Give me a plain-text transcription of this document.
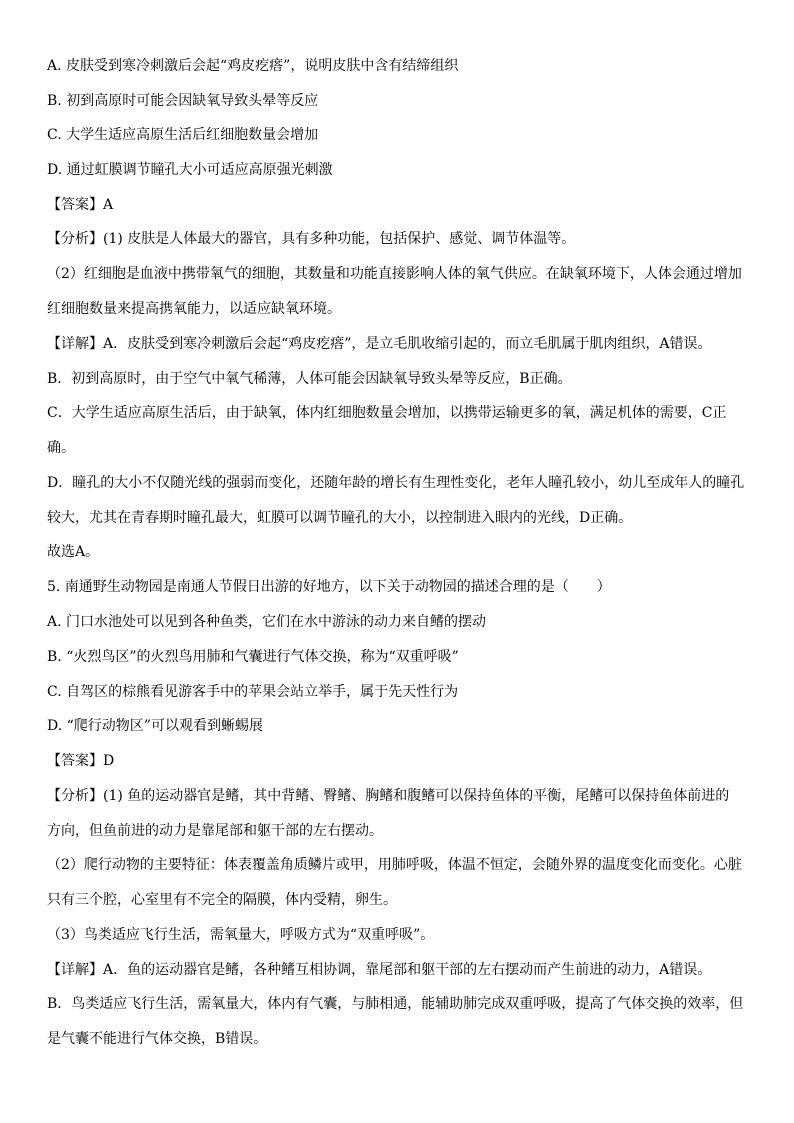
A. 皮肤受到寒冷刺激后会起“鸡皮疙瘩”，说明皮肤中含有结缔组织
B. 初到高原时可能会因缺氧导致头晕等反应
C. 大学生适应高原生活后红细胞数量会增加
D. 通过虹膜调节瞳孔大小可适应高原强光刺激
【答案】A
【分析】(1) 皮肤是人体最大的器官，具有多种功能，包括保护、感觉、调节体温等。
（2）红细胞是血液中携带氧气的细胞，其数量和功能直接影响人体的氧气供应。在缺氧环境下，人体会通过增加
红细胞数量来提高携氧能力，以适应缺氧环境。
【详解】A．皮肤受到寒冷刺激后会起“鸡皮疙瘩”，是立毛肌收缩引起的，而立毛肌属于肌肉组织，A错误。
B．初到高原时，由于空气中氧气稀薄，人体可能会因缺氧导致头晕等反应，B正确。
C．大学生适应高原生活后，由于缺氧，体内红细胞数量会增加，以携带运输更多的氧，满足机体的需要，C正
确。
D．瞳孔的大小不仅随光线的强弱而变化，还随年龄的增长有生理性变化，老年人瞳孔较小，幼儿至成年人的瞳孔
较大，尤其在青春期时瞳孔最大，虹膜可以调节瞳孔的大小，以控制进入眼内的光线，D正确。
故选A。
5. 南通野生动物园是南通人节假日出游的好地方，以下关于动物园的描述合理的是（　　）
A. 门口水池处可以见到各种鱼类，它们在水中游泳的动力来自鳍的摆动
B. “火烈鸟区”的火烈鸟用肺和气囊进行气体交换，称为“双重呼吸”
C. 自驾区的棕熊看见游客手中的苹果会站立举手，属于先天性行为
D. “爬行动物区”可以观看到蜥蜴展
【答案】D
【分析】(1) 鱼的运动器官是鳍，其中背鳍、臀鳍、胸鳍和腹鳍可以保持鱼体的平衡，尾鳍可以保持鱼体前进的
方向，但鱼前进的动力是靠尾部和躯干部的左右摆动。
（2）爬行动物的主要特征：体表覆盖角质鳞片或甲，用肺呼吸，体温不恒定，会随外界的温度变化而变化。心脏
只有三个腔，心室里有不完全的隔膜，体内受精，卵生。
（3）鸟类适应飞行生活，需氧量大，呼吸方式为“双重呼吸”。
【详解】A．鱼的运动器官是鳍，各种鳍互相协调，靠尾部和躯干部的左右摆动而产生前进的动力，A错误。
B．鸟类适应飞行生活，需氧量大，体内有气囊，与肺相通，能辅助肺完成双重呼吸，提高了气体交换的效率，但
是气囊不能进行气体交换，B错误。
